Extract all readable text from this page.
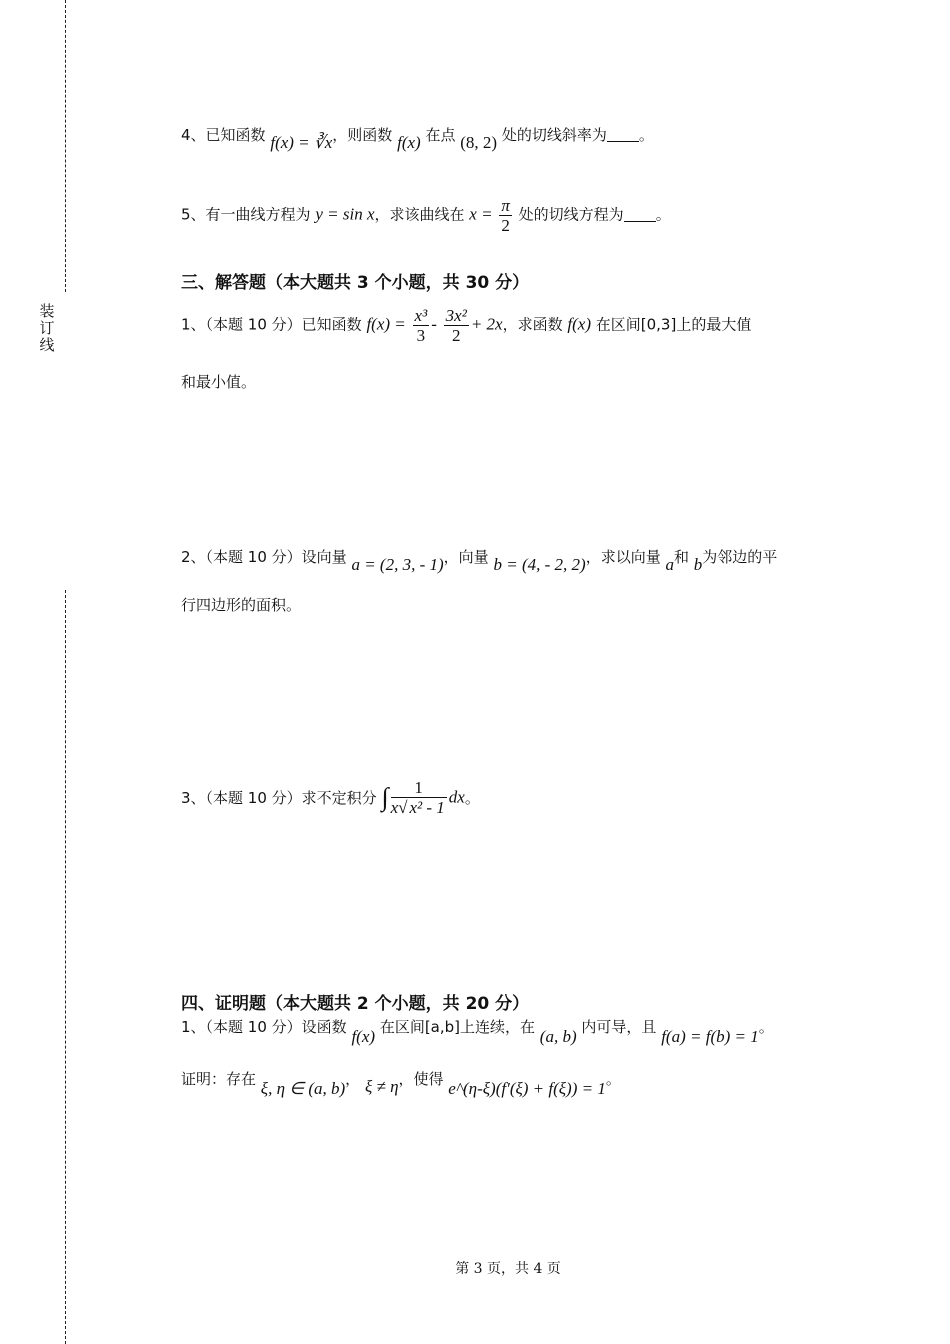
装
订
线
4、已知函数 f(x) = ∛x，则函数 f(x) 在点 (8, 2) 处的切线斜率为 。
5、有一曲线方程为 y = sin x，求该曲线在 $x = \frac{\pi}{2}$ 处的切线方程为 。
三、解答题（本大题共 3 个小题，共 30 分）
1、（本题 10 分）已知函数 $f(x) = \frac{\text{x³}}{3} - \frac{\text{3x²}}{2} + 2x$，求函数 f(x) 在区间[0,3]上的最大值
和最小值。
2、（本题 10 分）设向量 a = (2, 3, - 1)，向量 b = (4, - 2, 2)，求以向量 a和 b为邻边的平
行四边形的面积。
3、（本题 10 分）求不定积分 ∫ $\frac{1}{\text{x√ x² - 1}}$ dx。
四、证明题（本大题共 2 个小题，共 20 分）
1、（本题 10 分）设函数 f(x) 在区间[a,b]上连续，在 (a, b) 内可导，且 f(a) = f(b) = 1。
证明：存在 ξ, η ∈ (a, b)， ξ ≠ η，使得 e^(η-ξ)(f′(ξ) + f(ξ)) = 1。
第 3 页，共 4 页
